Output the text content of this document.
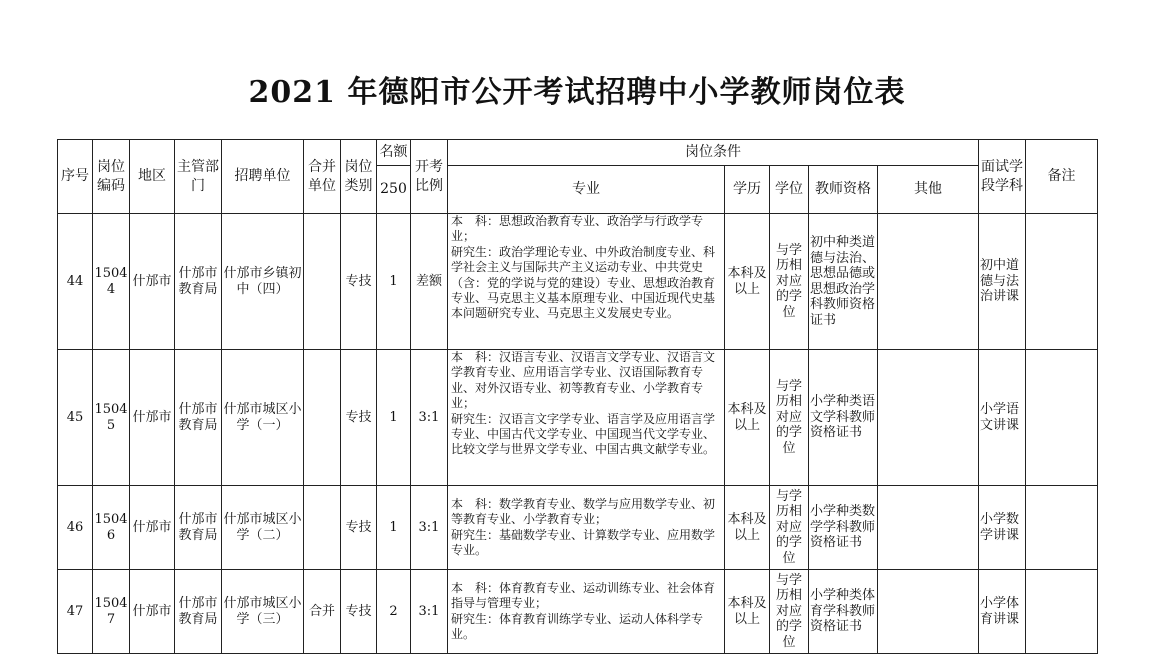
2021 年德阳市公开考试招聘中小学教师岗位表
序号	岗位编码	地区	主管部门	招聘单位	合并单位	岗位类别	名额	开考比例	岗位条件					面试学段学科	备注
							250		专业	学历	学位	教师资格	其他		
44	15044	什邡市	什邡市教育局	什邡市乡镇初中（四）		专技	1	差额	本　科：思想政治教育专业、政治学与行政学专业；
研究生：政治学理论专业、中外政治制度专业、科学社会主义与国际共产主义运动专业、中共党史（含：党的学说与党的建设）专业、思想政治教育专业、马克思主义基本原理专业、中国近现代史基本问题研究专业、马克思主义发展史专业。	本科及以上	与学历相对应的学位	初中种类道德与法治、思想品德或思想政治学科教师资格证书		初中道德与法治讲课	
45	15045	什邡市	什邡市教育局	什邡市城区小学（一）		专技	1	3:1	本　科：汉语言专业、汉语言文学专业、汉语言文学教育专业、应用语言学专业、汉语国际教育专业、对外汉语专业、初等教育专业、小学教育专业；
研究生：汉语言文字学专业、语言学及应用语言学专业、中国古代文学专业、中国现当代文学专业、比较文学与世界文学专业、中国古典文献学专业。	本科及以上	与学历相对应的学位	小学种类语文学科教师资格证书		小学语文讲课	
46	15046	什邡市	什邡市教育局	什邡市城区小学（二）		专技	1	3:1	本　科：数学教育专业、数学与应用数学专业、初等教育专业、小学教育专业；
研究生：基础数学专业、计算数学专业、应用数学专业。	本科及以上	与学历相对应的学位	小学种类数学学科教师资格证书		小学数学讲课	
47	15047	什邡市	什邡市教育局	什邡市城区小学（三）	合并	专技	2	3:1	本　科：体育教育专业、运动训练专业、社会体育指导与管理专业；
研究生：体育教育训练学专业、运动人体科学专业。	本科及以上	与学历相对应的学位	小学种类体育学科教师资格证书		小学体育讲课	
